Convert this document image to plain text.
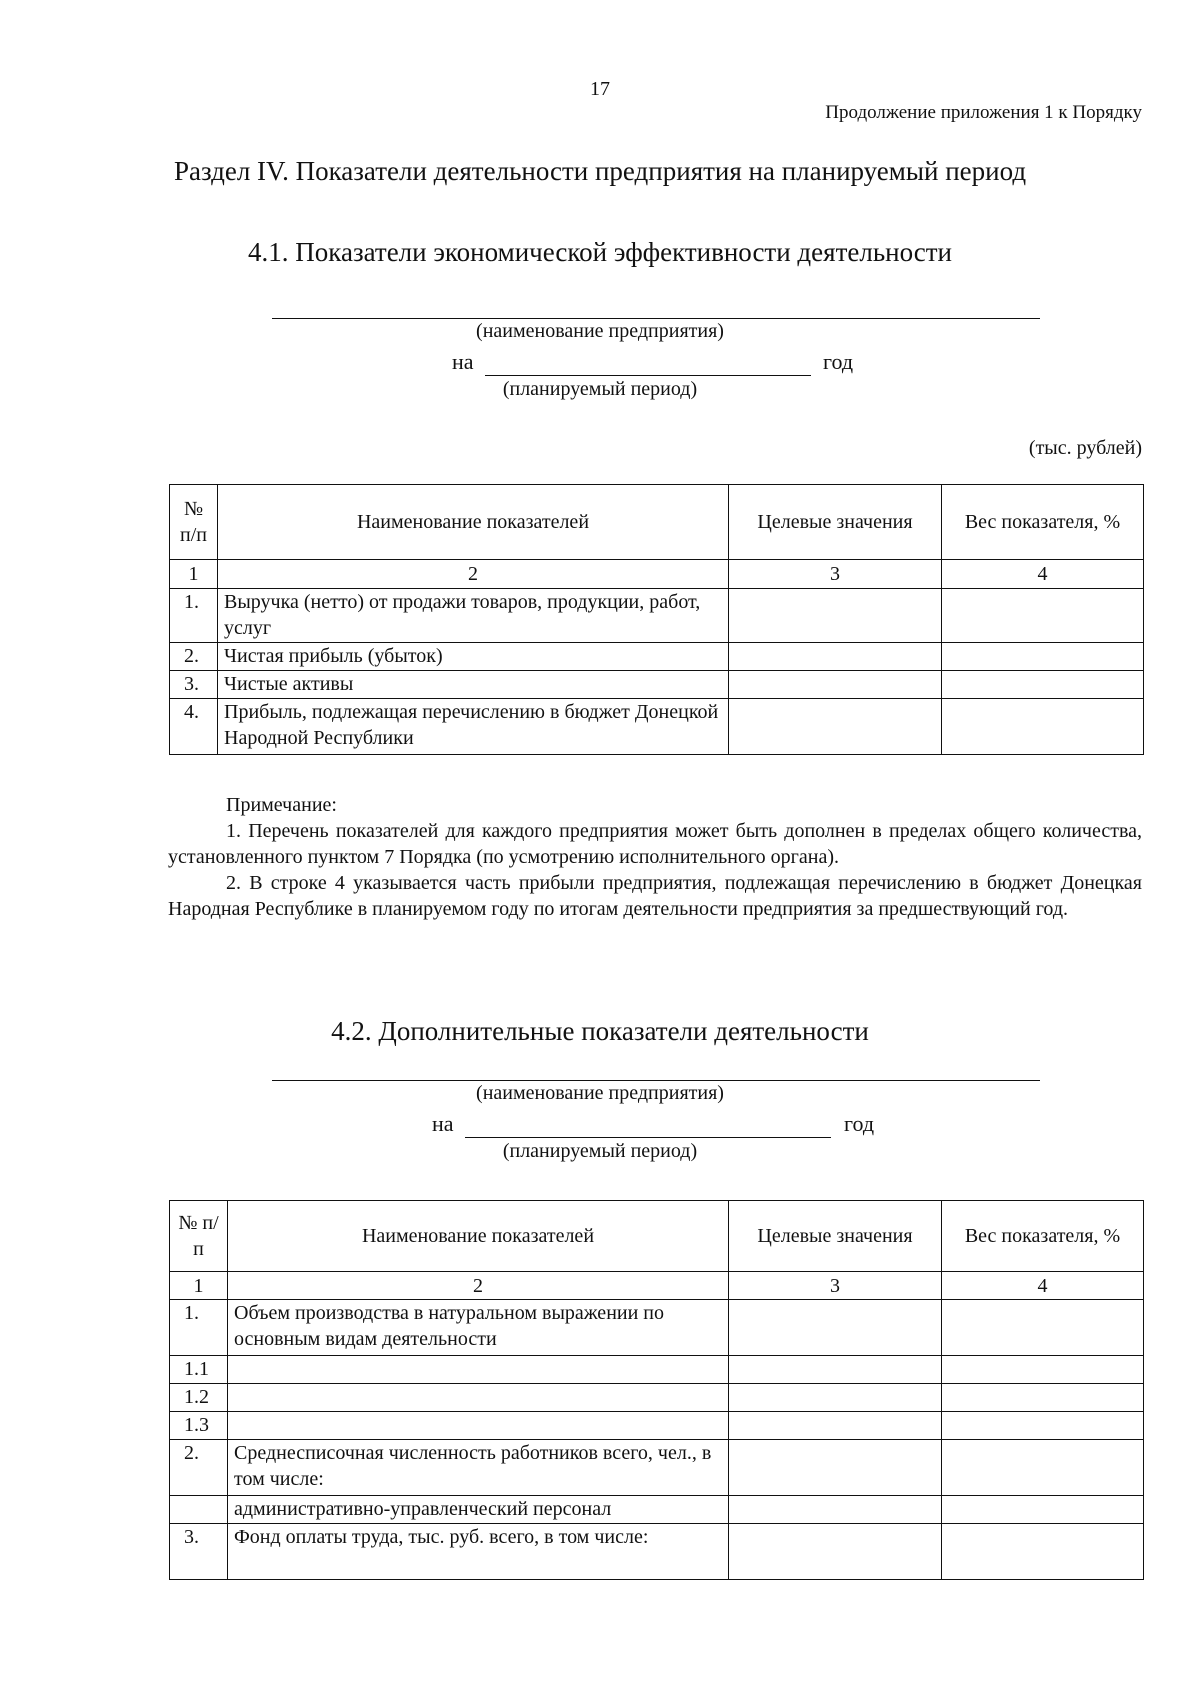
17
Продолжение приложения 1 к Порядку
Раздел IV. Показатели деятельности предприятия на планируемый период
4.1. Показатели экономической эффективности деятельности
(наименование предприятия)
на	год
(планируемый период)
(тыс. рублей)
№ п/п	Наименование показателей	Целевые значения	Вес показателя, %
1	2	3	4
1.	Выручка (нетто) от продажи товаров, продукции, работ, услуг		
2.	Чистая прибыль (убыток)		
3.	Чистые активы		
4.	Прибыль, подлежащая перечислению в бюджет Донецкой Народной Республики		

Примечание:

1. Перечень показателей для каждого предприятия может быть дополнен в пределах общего количества, установленного пунктом 7 Порядка (по усмотрению исполнительного органа).

2. В строке 4 указывается часть прибыли предприятия, подлежащая перечислению в бюджет Донецкая Народная Республике в планируемом году по итогам деятельности предприятия за предшествующий год.

4.2. Дополнительные показатели деятельности
(наименование предприятия)
на	год
(планируемый период)
№ п/п	Наименование показателей	Целевые значения	Вес показателя, %
1	2	3	4
1.	Объем производства в натуральном выражении по основным видам деятельности		
1.1			
1.2			
1.3			
2.	Среднесписочная численность работников всего, чел., в том числе:		
	административно-управленческий персонал		
3.	Фонд оплаты труда, тыс. руб. всего, в том числе:		
